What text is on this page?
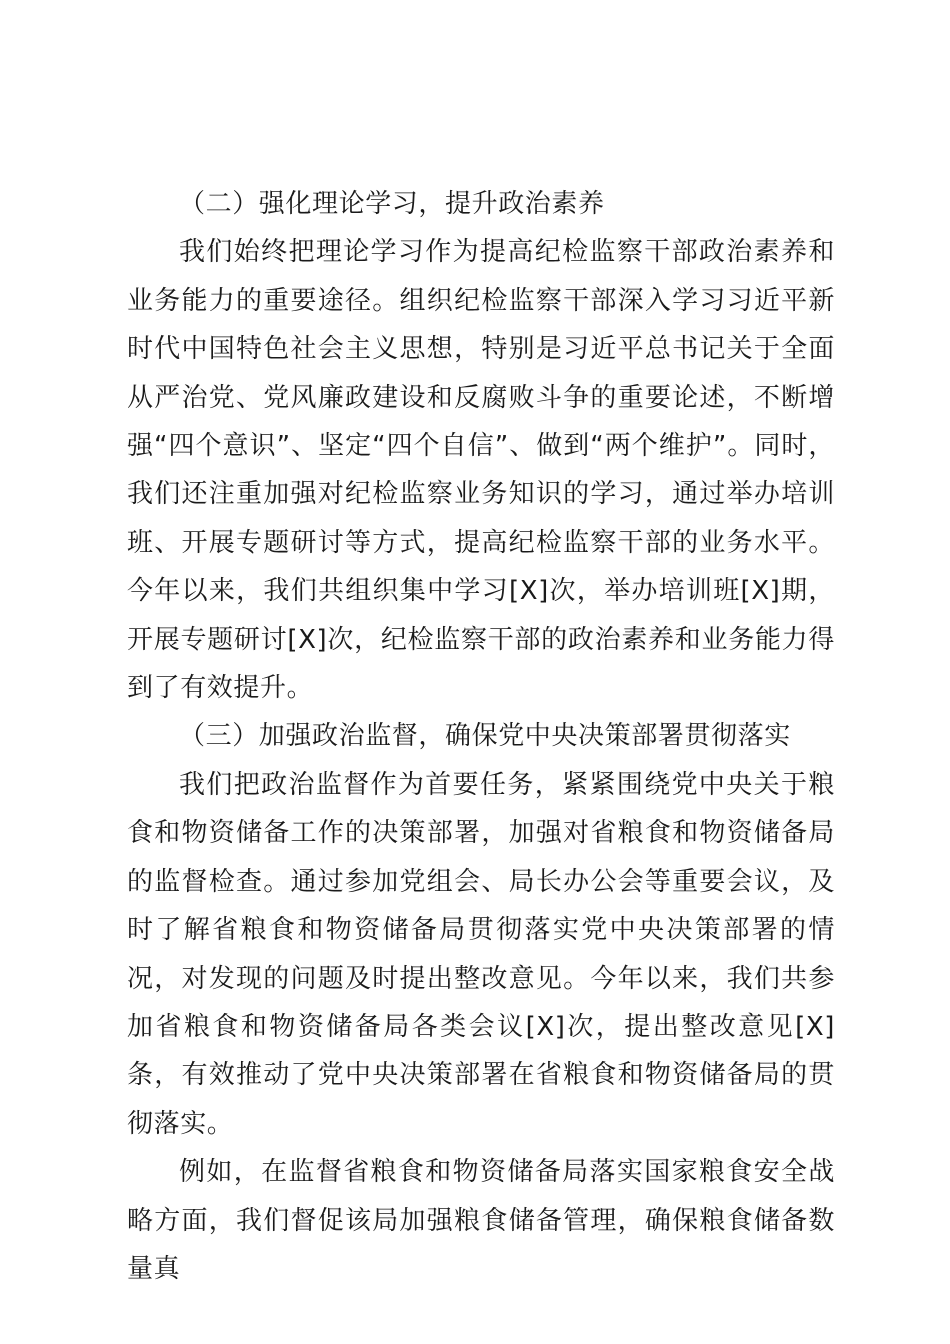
（二）强化理论学习，提升政治素养

我们始终把理论学习作为提高纪检监察干部政治素养和业务能力的重要途径。组织纪检监察干部深入学习习近平新时代中国特色社会主义思想，特别是习近平总书记关于全面从严治党、党风廉政建设和反腐败斗争的重要论述，不断增强“四个意识”、坚定“四个自信”、做到“两个维护”。同时，我们还注重加强对纪检监察业务知识的学习，通过举办培训班、开展专题研讨等方式，提高纪检监察干部的业务水平。今年以来，我们共组织集中学习[X]次，举办培训班[X]期，开展专题研讨[X]次，纪检监察干部的政治素养和业务能力得到了有效提升。

（三）加强政治监督，确保党中央决策部署贯彻落实

我们把政治监督作为首要任务，紧紧围绕党中央关于粮食和物资储备工作的决策部署，加强对省粮食和物资储备局的监督检查。通过参加党组会、局长办公会等重要会议，及时了解省粮食和物资储备局贯彻落实党中央决策部署的情况，对发现的问题及时提出整改意见。今年以来，我们共参加省粮食和物资储备局各类会议[X]次，提出整改意见[X]条，有效推动了党中央决策部署在省粮食和物资储备局的贯彻落实。

例如，在监督省粮食和物资储备局落实国家粮食安全战略方面，我们督促该局加强粮食储备管理，确保粮食储备数量真
